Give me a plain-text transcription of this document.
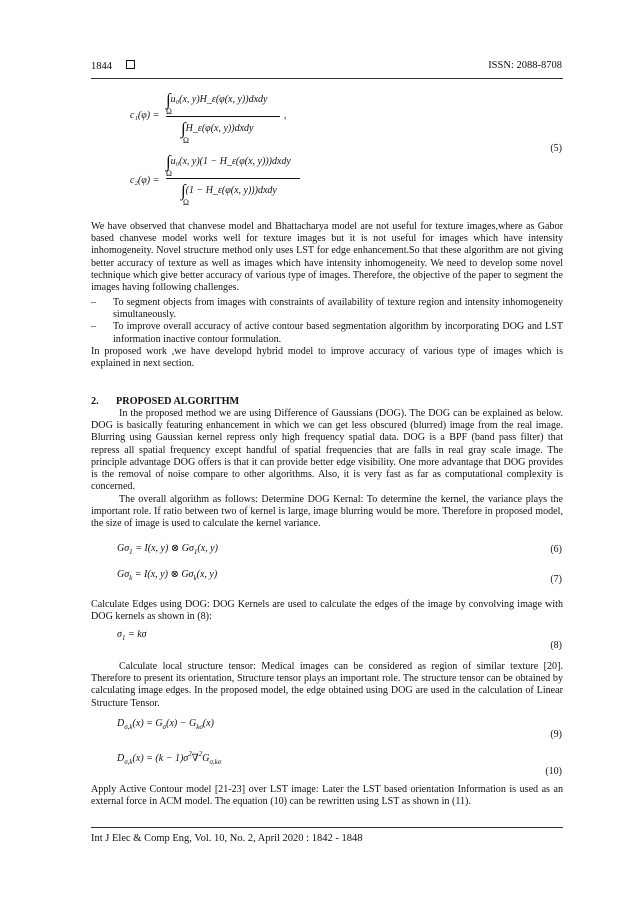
1844	ISSN: 2088-8708
c₁(φ) =
∫u₀(x, y)H_ε(φ(x, y))dxdy
Ω
∫H_ε(φ(x, y))dxdy
Ω
,
c₂(φ) =
∫u₀(x, y)(1 − H_ε(φ(x, y)))dxdy
Ω
∫(1 − H_ε(φ(x, y)))dxdy
Ω
(5)
We have observed that chanvese model and Bhattacharya model are not useful for texture images,where as Gabor based chanvese model works well for texture images but it is not useful for images which have intensity inhomogeneity. Novel structure method only uses LST for edge enhancement.So that these algorithm are not giving better accuracy of texture as well as images which have intensity inhomogeneity. We need to develop some novel technique which give better accuracy of various type of images. Therefore, the objective of the paper to segment the images having following challenges.
– To segment objects from images with constraints of availability of texture region and intensity inhomogeneity simultaneously.
– To improve overall accuracy of active contour based segmentation algorithm by incorporating DOG and LST information inactive contour formulation.
In proposed work ,we have developd hybrid model to improve accuracy of various type of images which is explained in next section.
2. PROPOSED ALGORITHM
In the proposed method we are using Difference of Gaussians (DOG). The DOG can be explained as below. DOG is basically featuring enhancement in which we can get less obscured (blurred) image from the real image. Blurring using Gaussian kernel repress only high frequency spatial data. DOG is a BPF (band pass filter) that repress all spatial frequency except handful of spatial frequencies that are falls in real gray scale image. The principle advantage DOG offers is that it can provide better edge visibility. One more advantage that DOG provides is the removal of noise compare to other algorithms. Also, it is very fast as far as computational complexity is concerned.
The overall algorithm as follows: Determine DOG Kernal: To determine the kernel, the variance plays the important role. If ratio between two of kernel is large, image blurring would be more. Therefore in proposed model, the size of image is used to calculate the kernel variance.
$G\sigma_1 = I(x$, y) ⊗ $G\sigma_1(x$, y)	(6)
$G\sigma_k = I(x$, y) ⊗ $G\sigma_k(x$, y)	(7)
Calculate Edges using DOG: DOG Kernels are used to calculate the edges of the image by convolving image with DOG kernels as shown in (8):
$\sigma_1 = k\sigma$
(8)
Calculate local structure tensor: Medical images can be considered as region of similar texture [20]. Therefore to present its orientation, Structure tensor plays an important role. The structure tensor can be obtained by calculating image edges. In the proposed model, the edge obtained using DOG are used in the calculation of Linear Structure Tensor.
$D_{\sigma,k}(x) = G_\sigma(x) - G_{k\sigma}(x)$
(9)
$D_{\sigma,k}(x) = (k - 1)\sigma^2\nabla^2G_{\sigma,k\sigma}$
(10)
Apply Active Contour model [21-23] over LST image: Later the LST based orientation Information is used as an external force in ACM model. The equation (10) can be rewritten using LST as shown in (11).
Int J Elec & Comp Eng, Vol. 10, No. 2, April 2020 : 1842 - 1848
